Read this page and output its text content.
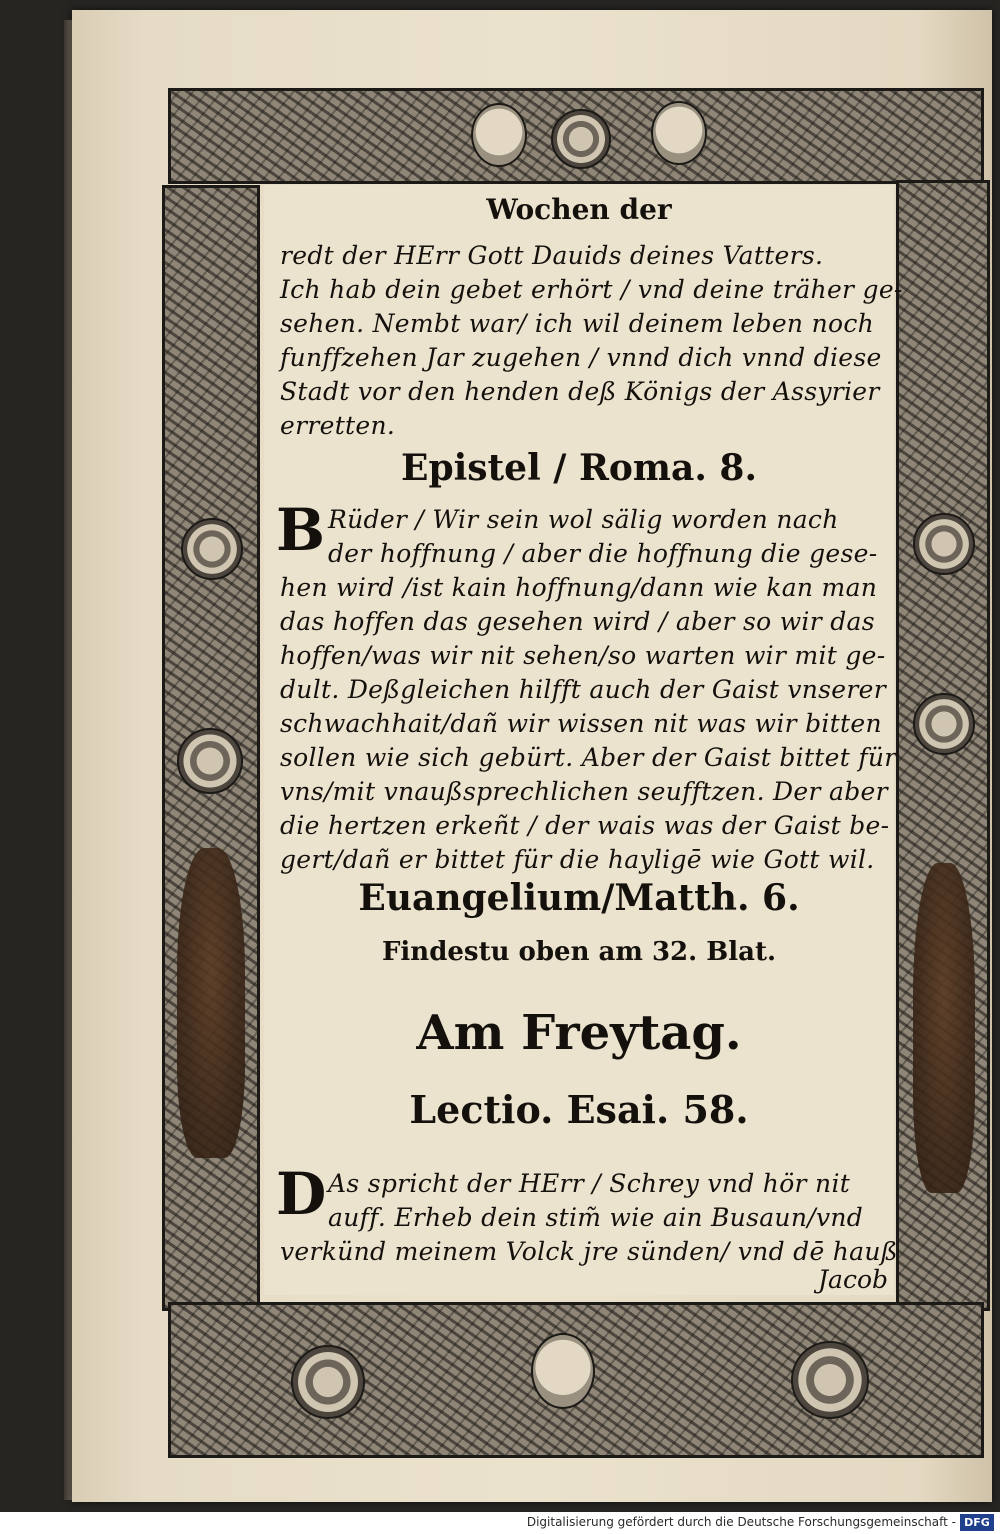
Wochen der
redt der HErr Gott Dauids deines Vatters.
Ich hab dein gebet erhört / vnd deine träher ge-
sehen. Nembt war/ ich wil deinem leben noch
funffzehen Jar zugehen / vnnd dich vnnd diese
Stadt vor den henden deß Königs der Assyrier
erretten.
Epistel / Roma. 8.
B Rüder / Wir sein wol sälig worden nach
der hoffnung / aber die hoffnung die gese-
hen wird /ist kain hoffnung/dann wie kan man
das hoffen das gesehen wird / aber so wir das
hoffen/was wir nit sehen/so warten wir mit ge-
dult. Deßgleichen hilfft auch der Gaist vnserer
schwachhait/dañ wir wissen nit was wir bitten
sollen wie sich gebürt. Aber der Gaist bittet für
vns/mit vnaußsprechlichen seufftzen. Der aber
die hertzen erkeñt / der wais was der Gaist be-
gert/dañ er bittet für die hayligē wie Gott wil.
Euangelium/Matth. 6.
Findestu oben am 32. Blat.
Am Freytag.
Lectio. Esai. 58.
D As spricht der HErr / Schrey vnd hör nit
auff. Erheb dein stim̃ wie ain Busaun/vnd
verkünd meinem Volck jre sünden/ vnd dē hauß
Jacob
Digitalisierung gefördert durch die Deutsche Forschungsgemeinschaft - DFG
